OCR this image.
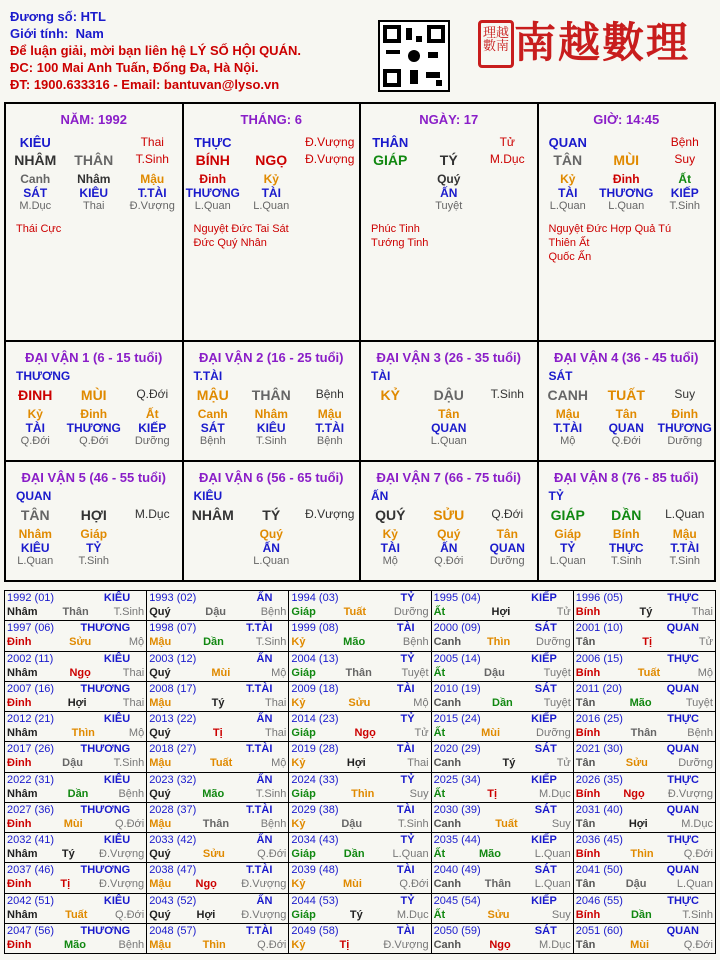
Đương số: HTL
Giới tính: Nam
Để luận giải, mời bạn liên hệ LÝ SỐ HỘI QUÁN.
ĐC: 100 Mai Anh Tuấn, Đống Đa, Hà Nội.
ĐT: 1900.633316 - Email: bantuvan@lyso.vn
理越數南 南越數理
NĂM: 1992
KIÊU	Thai
NHÂM	THÂN	T.Sinh
Canh	Nhâm	Mậu
SÁT	KIÊU	T.TÀI
M.Dục	Thai	Đ.Vượng
Thái Cực
THÁNG: 6
THỰC	Đ.Vượng
BÍNH	NGỌ	Đ.Vượng
Đinh	Kỷ
THƯƠNG	TÀI
L.Quan	L.Quan
Nguyệt Đức Tai Sát
Đức Quý Nhân
NGÀY: 17
THÂN	Tử
GIÁP	TÝ	M.Dục
Quý
ẤN
Tuyệt
Phúc Tinh
Tướng Tinh
GIỜ: 14:45
QUAN	Bệnh
TÂN	MÙI	Suy
Kỷ	Đinh	Ất
TÀI	THƯƠNG	KIẾP
L.Quan	L.Quan	T.Sinh
Nguyệt Đức Hợp Quả Tú
Thiên Ất
Quốc Ấn
ĐẠI VẬN 1 (6 - 15 tuổi)
THƯƠNG
ĐINH	MÙI	Q.Đới
Kỷ	Đinh	Ất
TÀI	THƯƠNG	KIẾP
Q.Đới	Q.Đới	Dưỡng
ĐẠI VẬN 2 (16 - 25 tuổi)
T.TÀI
MẬU	THÂN	Bệnh
Canh	Nhâm	Mậu
SÁT	KIÊU	T.TÀI
Bệnh	T.Sinh	Bệnh
ĐẠI VẬN 3 (26 - 35 tuổi)
TÀI
KỶ	DẬU	T.Sinh
Tân
QUAN
L.Quan
ĐẠI VẬN 4 (36 - 45 tuổi)
SÁT
CANH	TUẤT	Suy
Mậu	Tân	Đinh
T.TÀI	QUAN	THƯƠNG
Mộ	Q.Đới	Dưỡng
ĐẠI VẬN 5 (46 - 55 tuổi)
QUAN
TÂN	HỢI	M.Dục
Nhâm	Giáp
KIÊU	TỶ
L.Quan	T.Sinh
ĐẠI VẬN 6 (56 - 65 tuổi)
KIÊU
NHÂM	TÝ	Đ.Vượng
Quý
ẤN
L.Quan
ĐẠI VẬN 7 (66 - 75 tuổi)
ẤN
QUÝ	SỬU	Q.Đới
Kỷ	Quý	Tân
TÀI	ẤN	QUAN
Mộ	Q.Đới	Dưỡng
ĐẠI VẬN 8 (76 - 85 tuổi)
TỶ
GIÁP	DẦN	L.Quan
Giáp	Bính	Mậu
TỶ	THỰC	T.TÀI
L.Quan	T.Sinh	T.Sinh
1992 (01)	KIÊU
Nhâm Thân T.Sinh
1993 (02)	ẤN
Quý	Dậu	Bệnh
1994 (03)	TỶ
Giáp	Tuất	Dưỡng
1995 (04)	KIẾP
Ất	Hợi	Tử
1996 (05)	THỰC
Bính	Tý	Thai
1997 (06) THƯƠNG
Đinh	Sửu	Mộ
1998 (07)	T.TÀI
Mậu	Dần	T.Sinh
1999 (08)	TÀI
Kỷ	Mão	Bệnh
2000 (09)	SÁT
Canh Thìn Dưỡng
2001 (10)	QUAN
Tân	Tị	Tử
2002 (11)	KIÊU
Nhâm	Ngọ	Thai
2003 (12)	ẤN
Quý	Mùi	Mộ
2004 (13)	TỶ
Giáp	Thân	Tuyệt
2005 (14)	KIẾP
Ất	Dậu	Tuyệt
2006 (15)	THỰC
Bính	Tuất	Mộ
2007 (16) THƯƠNG
Đinh	Hợi	Thai
2008 (17)	T.TÀI
Mậu	Tý	Thai
2009 (18)	TÀI
Kỷ	Sửu	Mộ
2010 (19)	SÁT
Canh	Dần	Tuyệt
2011 (20)	QUAN
Tân	Mão	Tuyệt
2012 (21)	KIÊU
Nhâm	Thìn	Mộ
2013 (22)	ẤN
Quý	Tị	Thai
2014 (23)	TỶ
Giáp	Ngọ	Tử
2015 (24)	KIẾP
Ất	Mùi	Dưỡng
2016 (25)	THỰC
Bính	Thân	Bệnh
2017 (26) THƯƠNG
Đinh	Dậu	T.Sinh
2018 (27)	T.TÀI
Mậu	Tuất	Mộ
2019 (28)	TÀI
Kỷ	Hợi	Thai
2020 (29)	SÁT
Canh	Tý	Tử
2021 (30)	QUAN
Tân	Sửu	Dưỡng
2022 (31)	KIÊU
Nhâm	Dần	Bệnh
2023 (32)	ẤN
Quý	Mão	T.Sinh
2024 (33)	TỶ
Giáp	Thìn	Suy
2025 (34)	KIẾP
Ất	Tị	M.Dục
2026 (35)	THỰC
Bính Ngọ Đ.Vượng
2027 (36) THƯƠNG
Đinh	Mùi	Q.Đới
2028 (37)	T.TÀI
Mậu	Thân	Bệnh
2029 (38)	TÀI
Kỷ	Dậu	T.Sinh
2030 (39)	SÁT
Canh	Tuất	Suy
2031 (40)	QUAN
Tân	Hợi	M.Dục
2032 (41)	KIÊU
Nhâm Tý Đ.Vượng
2033 (42)	ẤN
Quý	Sửu	Q.Đới
2034 (43)	TỶ
Giáp	Dần	L.Quan
2035 (44)	KIẾP
Ất	Mão	L.Quan
2036 (45)	THỰC
Bính	Thìn	Q.Đới
2037 (46) THƯƠNG
Đinh	Tị	Đ.Vượng
2038 (47)	T.TÀI
Mậu Ngọ Đ.Vượng
2039 (48)	TÀI
Kỷ	Mùi	Q.Đới
2040 (49)	SÁT
Canh Thân L.Quan
2041 (50)	QUAN
Tân	Dậu	L.Quan
2042 (51)	KIÊU
Nhâm	Tuất	Q.Đới
2043 (52)	ẤN
Quý Hợi Đ.Vượng
2044 (53)	TỶ
Giáp	Tý	M.Dục
2045 (54)	KIẾP
Ất	Sửu	Suy
2046 (55)	THỰC
Bính	Dần	T.Sinh
2047 (56) THƯƠNG
Đinh	Mão	Bệnh
2048 (57)	T.TÀI
Mậu	Thìn	Q.Đới
2049 (58)	TÀI
Kỷ	Tị	Đ.Vượng
2050 (59)	SÁT
Canh	Ngọ	M.Dục
2051 (60)	QUAN
Tân	Mùi	Q.Đới
